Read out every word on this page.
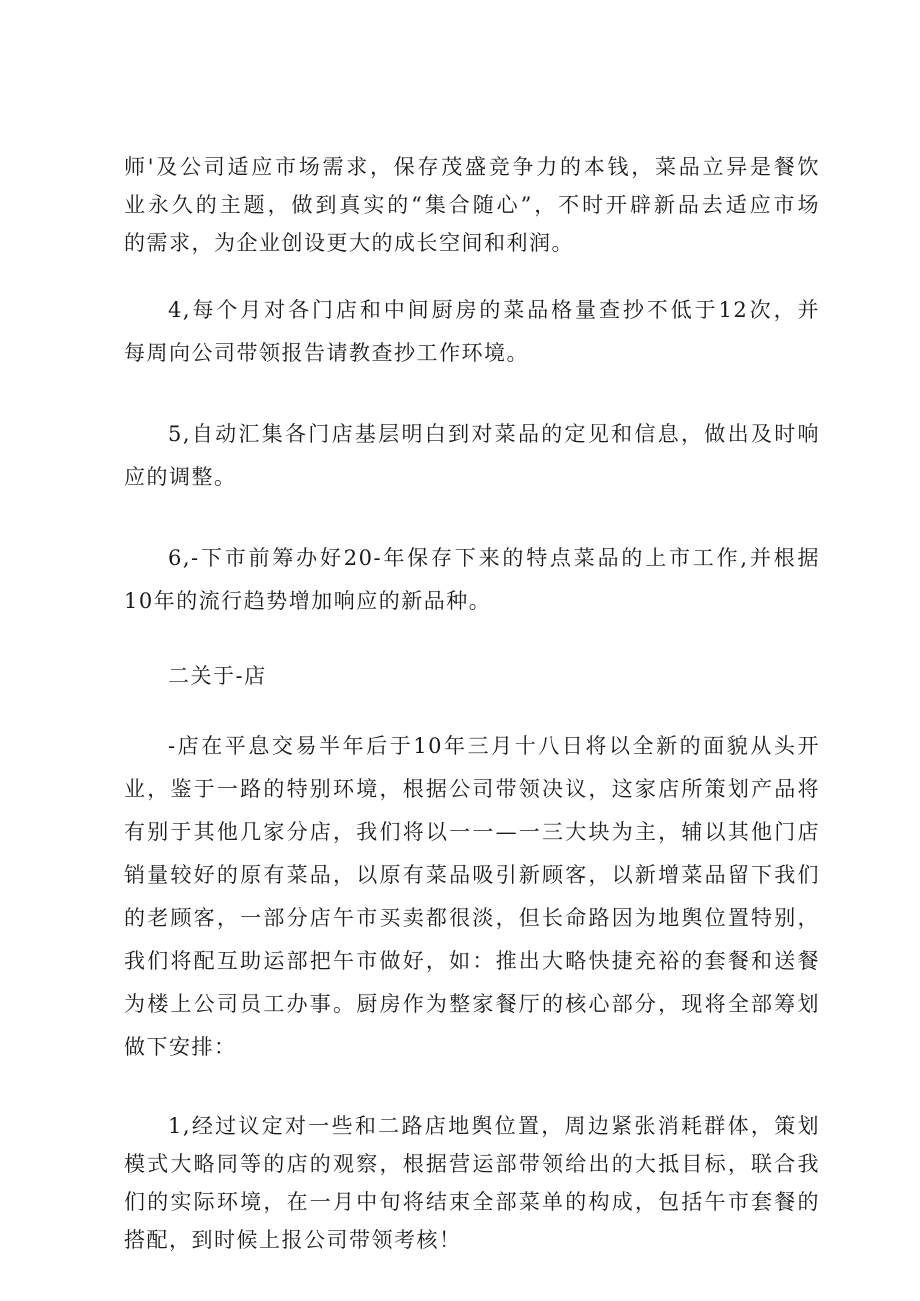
师'及公司适应市场需求，保存茂盛竞争力的本钱，菜品立异是餐饮
业永久的主题，做到真实的“集合随心”，不时开辟新品去适应市场
的需求，为企业创设更大的成长空间和利润。
4,每个月对各门店和中间厨房的菜品格量查抄不低于12次，并
每周向公司带领报告请教查抄工作环境。
5,自动汇集各门店基层明白到对菜品的定见和信息，做出及时响
应的调整。
6,-下市前筹办好20-年保存下来的特点菜品的上市工作,并根据
10年的流行趋势增加响应的新品种。
二关于-店
-店在平息交易半年后于10年三月十八日将以全新的面貌从头开
业，鉴于一路的特别环境，根据公司带领决议，这家店所策划产品将
有别于其他几家分店，我们将以一一—一三大块为主，辅以其他门店
销量较好的原有菜品，以原有菜品吸引新顾客，以新增菜品留下我们
的老顾客，一部分店午市买卖都很淡，但长命路因为地舆位置特别，
我们将配互助运部把午市做好，如：推出大略快捷充裕的套餐和送餐
为楼上公司员工办事。厨房作为整家餐厅的核心部分，现将全部筹划
做下安排：
1,经过议定对一些和二路店地舆位置，周边紧张消耗群体，策划
模式大略同等的店的观察，根据营运部带领给出的大抵目标，联合我
们的实际环境，在一月中旬将结束全部菜单的构成，包括午市套餐的
搭配，到时候上报公司带领考核！
